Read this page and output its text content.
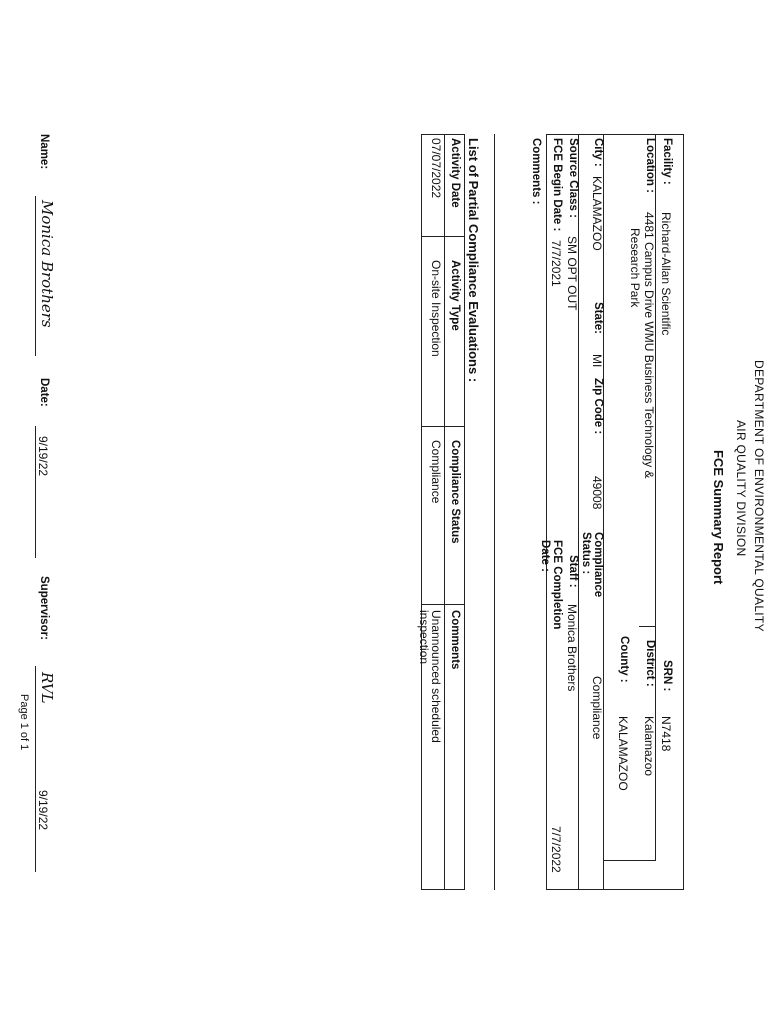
DEPARTMENT OF ENVIRONMENTAL QUALITY
AIR QUALITY DIVISION
FCE Summary Report
Facility :
Richard-Allan Scientific
SRN :
N7418
Location :
4481 Campus Drive WMU Business Technology &
Research Park
District :
Kalamazoo
County :
KALAMAZOO
City :
KALAMAZOO
State:
MI
Zip Code :
49008
Compliance
Status :
Compliance
Source Class :
SM OPT OUT
Staff :
Monica Brothers
FCE Begin Date :
7/7/2021
FCE Completion
Date :
7/7/2022
Comments :
List of Partial Compliance Evaluations :
Activity Date
Activity Type
Compliance Status
Comments
07/07/2022
On-site Inspection
Compliance
Unannounced scheduled
inspection
Name:
Monica Brothers
Date:
9/19/22
Supervisor:
RVL
9/19/22
Page 1 of 1
